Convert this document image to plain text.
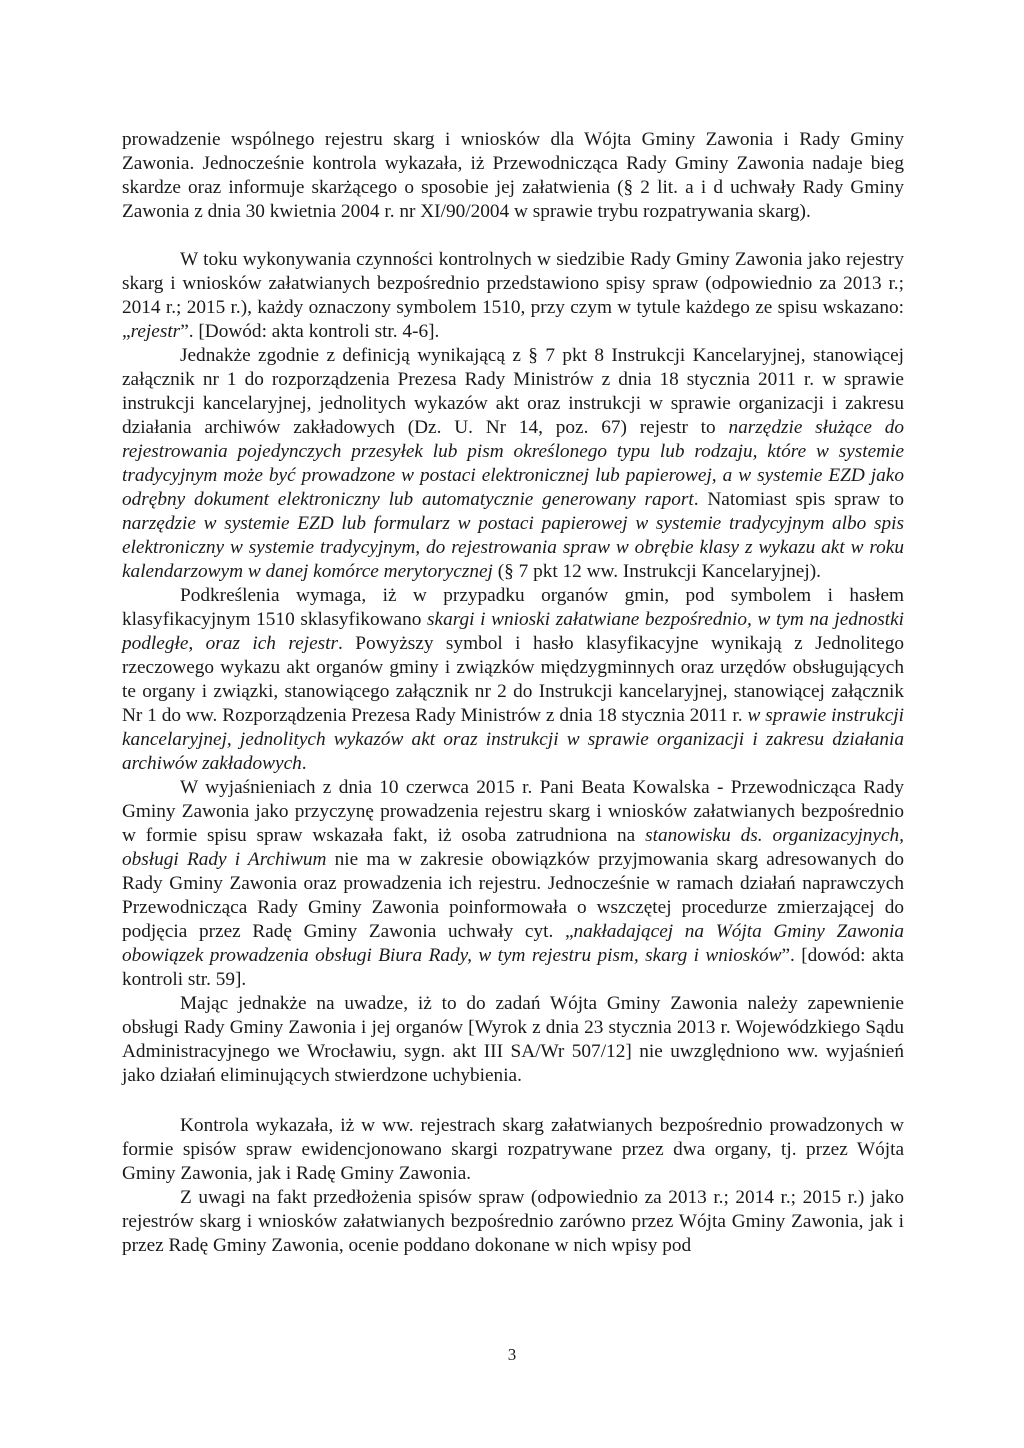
prowadzenie wspólnego rejestru skarg i wniosków dla Wójta Gminy Zawonia i Rady Gminy Zawonia. Jednocześnie kontrola wykazała, iż Przewodnicząca Rady Gminy Zawonia nadaje bieg skardze oraz informuje skarżącego o sposobie jej załatwienia (§ 2 lit. a i d uchwały Rady Gminy Zawonia z dnia 30 kwietnia 2004 r. nr XI/90/2004 w sprawie trybu rozpatrywania skarg).

W toku wykonywania czynności kontrolnych w siedzibie Rady Gminy Zawonia jako rejestry skarg i wniosków załatwianych bezpośrednio przedstawiono spisy spraw (odpowiednio za 2013 r.; 2014 r.; 2015 r.), każdy oznaczony symbolem 1510, przy czym w tytule każdego ze spisu wskazano: „rejestr”. [Dowód: akta kontroli str. 4-6].

Jednakże zgodnie z definicją wynikającą z § 7 pkt 8 Instrukcji Kancelaryjnej, stanowiącej załącznik nr 1 do rozporządzenia Prezesa Rady Ministrów z dnia 18 stycznia 2011 r. w sprawie instrukcji kancelaryjnej, jednolitych wykazów akt oraz instrukcji w sprawie organizacji i zakresu działania archiwów zakładowych (Dz. U. Nr 14, poz. 67) rejestr to narzędzie służące do rejestrowania pojedynczych przesyłek lub pism określonego typu lub rodzaju, które w systemie tradycyjnym może być prowadzone w postaci elektronicznej lub papierowej, a w systemie EZD jako odrębny dokument elektroniczny lub automatycznie generowany raport. Natomiast spis spraw to narzędzie w systemie EZD lub formularz w postaci papierowej w systemie tradycyjnym albo spis elektroniczny w systemie tradycyjnym, do rejestrowania spraw w obrębie klasy z wykazu akt w roku kalendarzowym w danej komórce merytorycznej (§ 7 pkt 12 ww. Instrukcji Kancelaryjnej).

Podkreślenia wymaga, iż w przypadku organów gmin, pod symbolem i hasłem klasyfikacyjnym 1510 sklasyfikowano skargi i wnioski załatwiane bezpośrednio, w tym na jednostki podległe, oraz ich rejestr. Powyższy symbol i hasło klasyfikacyjne wynikają z Jednolitego rzeczowego wykazu akt organów gminy i związków międzygminnych oraz urzędów obsługujących te organy i związki, stanowiącego załącznik nr 2 do Instrukcji kancelaryjnej, stanowiącej załącznik Nr 1 do ww. Rozporządzenia Prezesa Rady Ministrów z dnia 18 stycznia 2011 r. w sprawie instrukcji kancelaryjnej, jednolitych wykazów akt oraz instrukcji w sprawie organizacji i zakresu działania archiwów zakładowych.

W wyjaśnieniach z dnia 10 czerwca 2015 r. Pani Beata Kowalska - Przewodnicząca Rady Gminy Zawonia jako przyczynę prowadzenia rejestru skarg i wniosków załatwianych bezpośrednio w formie spisu spraw wskazała fakt, iż osoba zatrudniona na stanowisku ds. organizacyjnych, obsługi Rady i Archiwum nie ma w zakresie obowiązków przyjmowania skarg adresowanych do Rady Gminy Zawonia oraz prowadzenia ich rejestru. Jednocześnie w ramach działań naprawczych Przewodnicząca Rady Gminy Zawonia poinformowała o wszczętej procedurze zmierzającej do podjęcia przez Radę Gminy Zawonia uchwały cyt. „nakładającej na Wójta Gminy Zawonia obowiązek prowadzenia obsługi Biura Rady, w tym rejestru pism, skarg i wniosków”. [dowód: akta kontroli str. 59].

Mając jednakże na uwadze, iż to do zadań Wójta Gminy Zawonia należy zapewnienie obsługi Rady Gminy Zawonia i jej organów [Wyrok z dnia 23 stycznia 2013 r. Wojewódzkiego Sądu Administracyjnego we Wrocławiu, sygn. akt III SA/Wr 507/12] nie uwzględniono ww. wyjaśnień jako działań eliminujących stwierdzone uchybienia.

Kontrola wykazała, iż w ww. rejestrach skarg załatwianych bezpośrednio prowadzonych w formie spisów spraw ewidencjonowano skargi rozpatrywane przez dwa organy, tj. przez Wójta Gminy Zawonia, jak i Radę Gminy Zawonia.

Z uwagi na fakt przedłożenia spisów spraw (odpowiednio za 2013 r.; 2014 r.; 2015 r.) jako rejestrów skarg i wniosków załatwianych bezpośrednio zarówno przez Wójta Gminy Zawonia, jak i przez Radę Gminy Zawonia, ocenie poddano dokonane w nich wpisy pod

3
